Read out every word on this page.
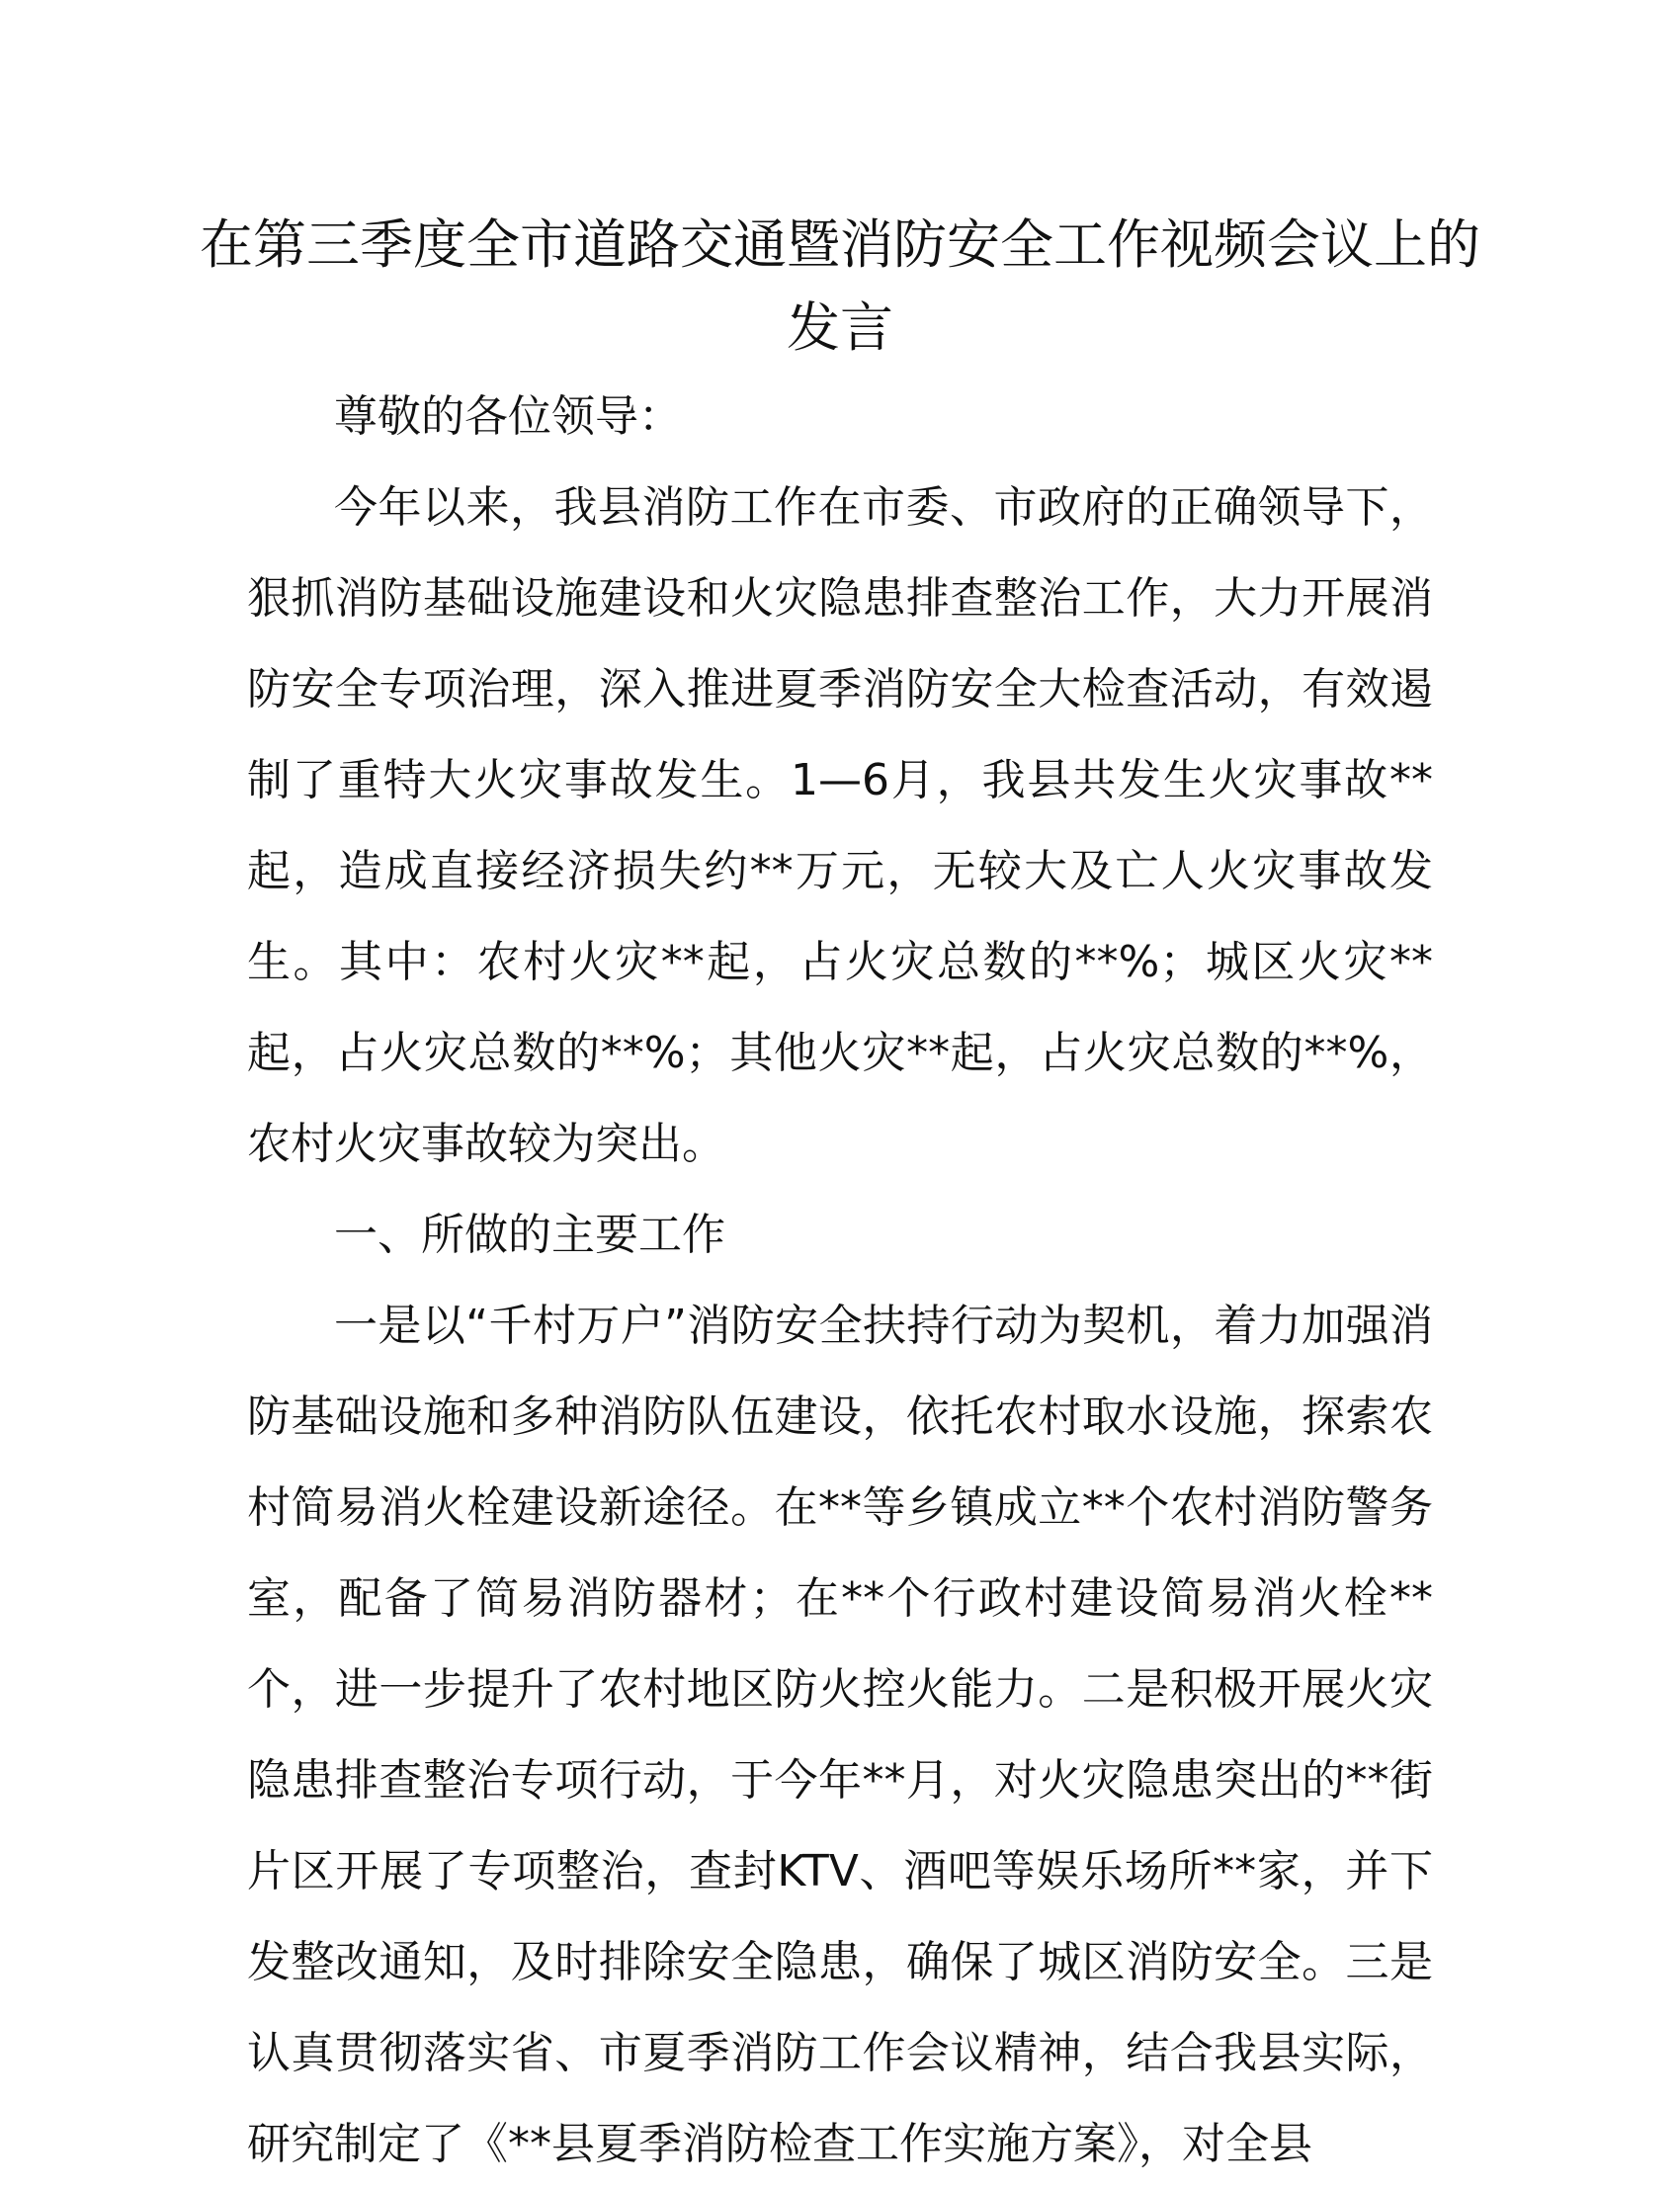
在第三季度全市道路交通暨消防安全工作视频会议上的发言

尊敬的各位领导：

今年以来，我县消防工作在市委、市政府的正确领导下，狠抓消防基础设施建设和火灾隐患排查整治工作，大力开展消防安全专项治理，深入推进夏季消防安全大检查活动，有效遏制了重特大火灾事故发生。1—6月，我县共发生火灾事故**起，造成直接经济损失约**万元，无较大及亡人火灾事故发生。其中：农村火灾**起，占火灾总数的**%；城区火灾**起，占火灾总数的**%；其他火灾**起，占火灾总数的**%，农村火灾事故较为突出。

一、所做的主要工作

一是以“千村万户”消防安全扶持行动为契机，着力加强消防基础设施和多种消防队伍建设，依托农村取水设施，探索农村简易消火栓建设新途径。在**等乡镇成立**个农村消防警务室，配备了简易消防器材；在**个行政村建设简易消火栓**个，进一步提升了农村地区防火控火能力。二是积极开展火灾隐患排查整治专项行动，于今年**月，对火灾隐患突出的**街片区开展了专项整治，查封KTV、酒吧等娱乐场所**家，并下发整改通知，及时排除安全隐患，确保了城区消防安全。三是认真贯彻落实省、市夏季消防工作会议精神，结合我县实际，研究制定了《**县夏季消防检查工作实施方案》，对全县
